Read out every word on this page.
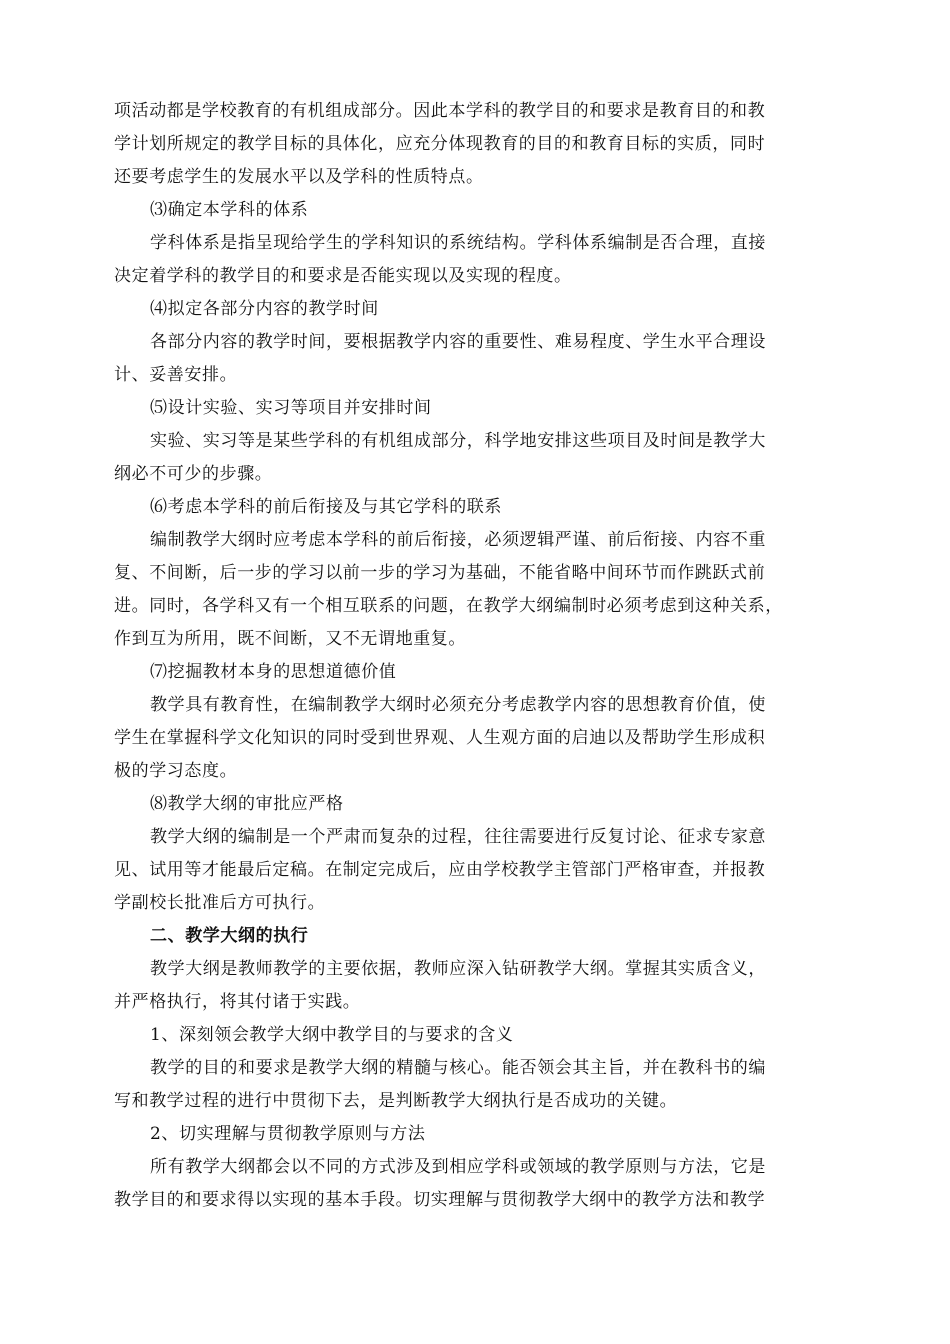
项活动都是学校教育的有机组成部分。因此本学科的教学目的和要求是教育目的和教
学计划所规定的教学目标的具体化，应充分体现教育的目的和教育目标的实质，同时
还要考虑学生的发展水平以及学科的性质特点。
⑶确定本学科的体系
学科体系是指呈现给学生的学科知识的系统结构。学科体系编制是否合理，直接
决定着学科的教学目的和要求是否能实现以及实现的程度。
⑷拟定各部分内容的教学时间
各部分内容的教学时间，要根据教学内容的重要性、难易程度、学生水平合理设
计、妥善安排。
⑸设计实验、实习等项目并安排时间
实验、实习等是某些学科的有机组成部分，科学地安排这些项目及时间是教学大
纲必不可少的步骤。
⑹考虑本学科的前后衔接及与其它学科的联系
编制教学大纲时应考虑本学科的前后衔接，必须逻辑严谨、前后衔接、内容不重
复、不间断，后一步的学习以前一步的学习为基础，不能省略中间环节而作跳跃式前
进。同时，各学科又有一个相互联系的问题，在教学大纲编制时必须考虑到这种关系，
作到互为所用，既不间断，又不无谓地重复。
⑺挖掘教材本身的思想道德价值
教学具有教育性，在编制教学大纲时必须充分考虑教学内容的思想教育价值，使
学生在掌握科学文化知识的同时受到世界观、人生观方面的启迪以及帮助学生形成积
极的学习态度。
⑻教学大纲的审批应严格
教学大纲的编制是一个严肃而复杂的过程，往往需要进行反复讨论、征求专家意
见、试用等才能最后定稿。在制定完成后，应由学校教学主管部门严格审查，并报教
学副校长批准后方可执行。
二、教学大纲的执行
教学大纲是教师教学的主要依据，教师应深入钻研教学大纲。掌握其实质含义，
并严格执行，将其付诸于实践。
1、深刻领会教学大纲中教学目的与要求的含义
教学的目的和要求是教学大纲的精髓与核心。能否领会其主旨，并在教科书的编
写和教学过程的进行中贯彻下去，是判断教学大纲执行是否成功的关键。
2、切实理解与贯彻教学原则与方法
所有教学大纲都会以不同的方式涉及到相应学科或领域的教学原则与方法，它是
教学目的和要求得以实现的基本手段。切实理解与贯彻教学大纲中的教学方法和教学
